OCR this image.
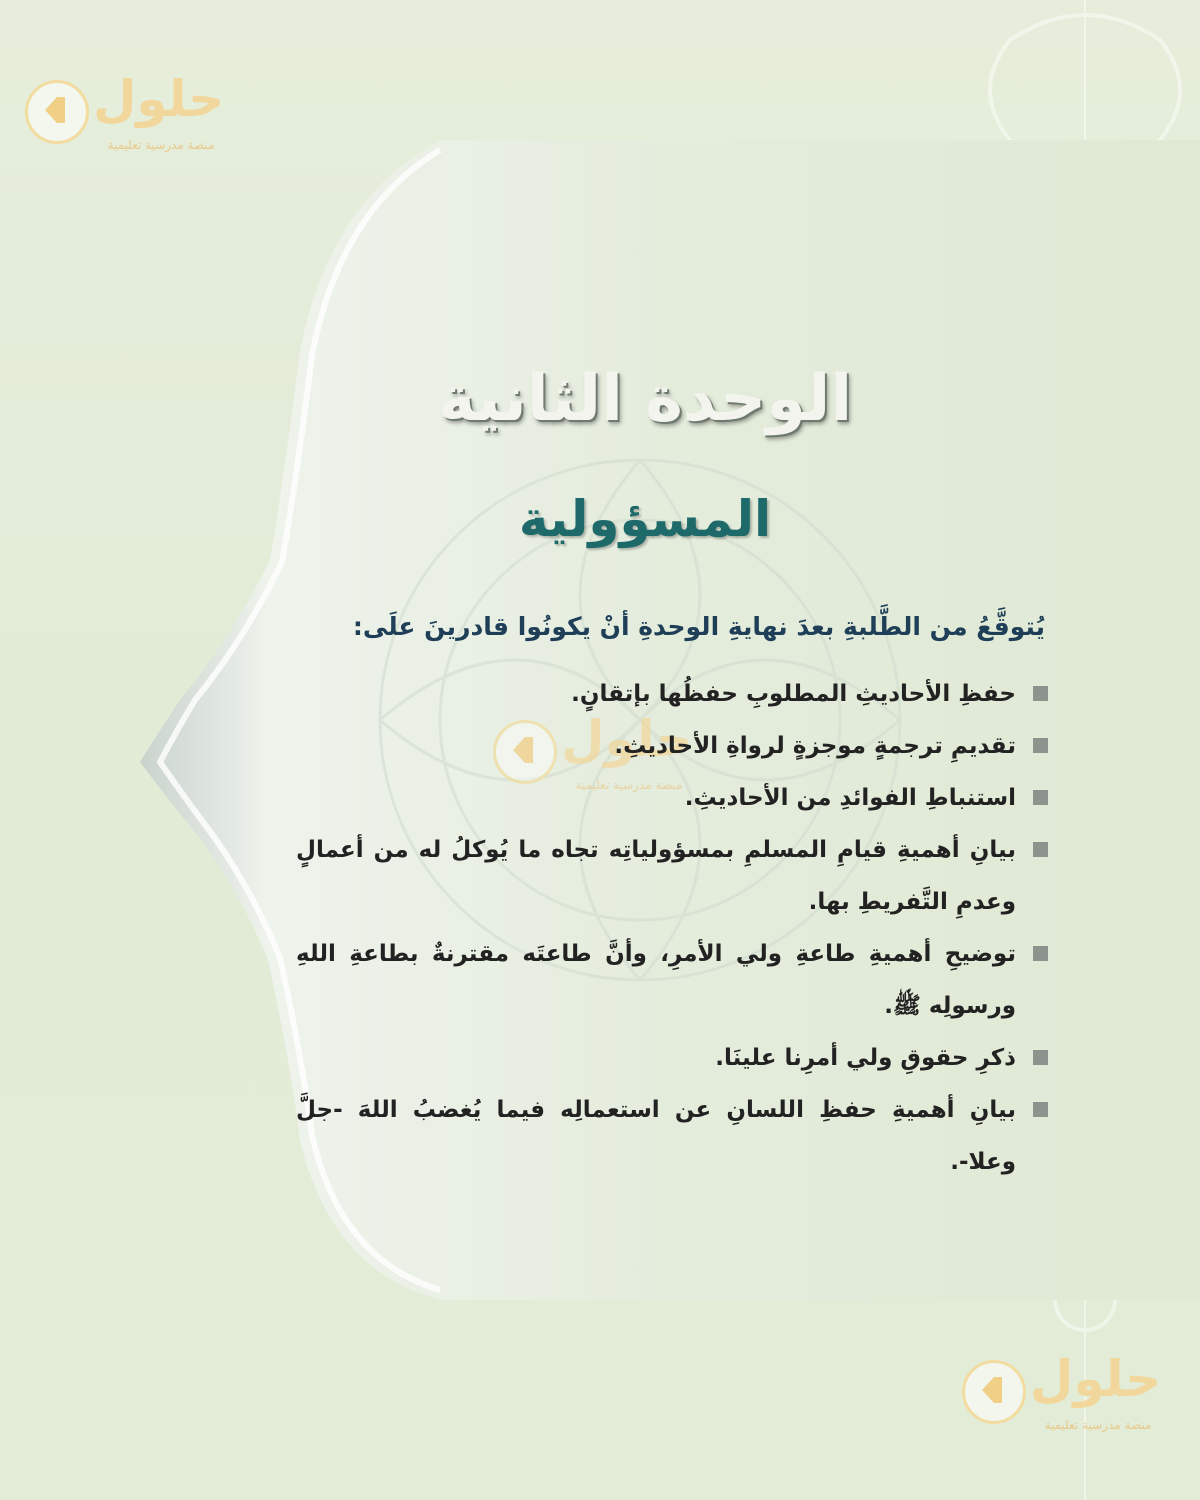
حلول
منصة مدرسية تعليمية
حلول
منصة مدرسية تعليمية
حلول
منصة مدرسية تعليمية
الوحدة الثانية
المسؤولية
يُتوقَّعُ من الطَّلبةِ بعدَ نهايةِ الوحدةِ أنْ يكونُوا قادرينَ علَى:
حفظِ الأحاديثِ المطلوبِ حفظُها بإتقانٍ.
تقديمِ ترجمةٍ موجزةٍ لرواةِ الأحاديثِ.
استنباطِ الفوائدِ من الأحاديثِ.
بيانِ أهميةِ قيامِ المسلمِ بمسؤولياتِه تجاه ما يُوكلُ له من أعمالٍ وعدمِ التَّفريطِ بها.
توضيحِ أهميةِ طاعةِ ولي الأمرِ، وأنَّ طاعتَه مقترنةٌ بطاعةِ اللهِ ورسولِه ﷺ.
ذكرِ حقوقِ ولي أمرِنا علينَا.
بيانِ أهميةِ حفظِ اللسانِ عن استعمالِه فيما يُغضبُ اللهَ -جلَّ وعلا-.
